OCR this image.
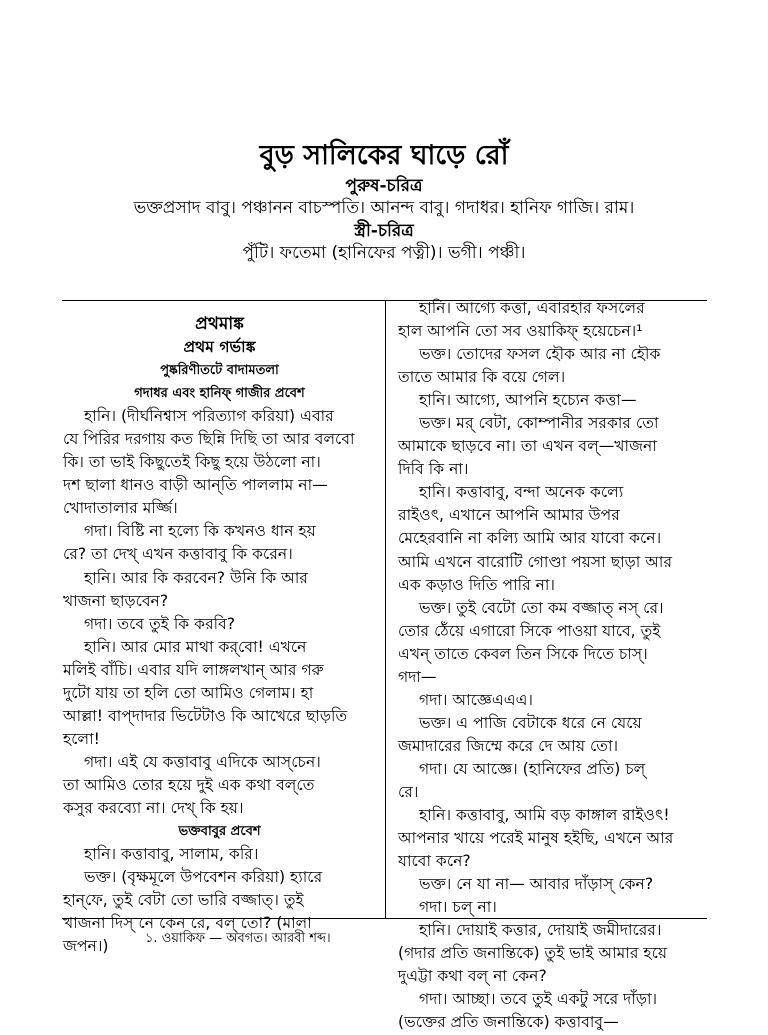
বুড় সালিকের ঘাড়ে রোঁ
পুরুষ-চরিত্র
ভক্তপ্রসাদ বাবু। পঞ্চানন বাচস্পতি। আনন্দ বাবু। গদাধর। হানিফ গাজি। রাম।
স্ত্রী-চরিত্র
পুঁটি। ফতেমা (হানিফের পত্নী)। ভগী। পঞ্চী।
প্রথমাঙ্ক
প্রথম গর্ভাঙ্ক
পুষ্করিণীতটে বাদামতলা
গদাধর এবং হানিফ্‌ গাজীর প্রবেশ
হানি। (দীর্ঘনিশ্বাস পরিত্যাগ করিয়া) এবার
যে পিরির দরগায় কত ছিন্নি দিছি তা আর বলবো
কি। তা ভাই কিছুতেই কিছু হয়ে উঠলো না।
দশ ছালা ধানও বাড়ী আন্‌তি পাললাম না—
খোদাতালার মর্জ্জি।
গদা। বিষ্টি না হল্যে কি কখনও ধান হয়
রে? তা দেখ্‌ এখন কত্তাবাবু কি করেন।
হানি। আর কি করবেন? উনি কি আর
খাজনা ছাড়বেন?
গদা। তবে তুই কি করবি?
হানি। আর মোর মাথা কর্‌বো! এখনে
মলিই বাঁচি। এবার যদি লাঙ্গলখান্‌ আর গরু
দুটো যায় তা হলি তো আমিও গেলাম। হা
আল্লা! বাপ্‌দাদার ভিটেটাও কি আখেরে ছাড়তি
হলো!
গদা। এই যে কত্তাবাবু এদিকে আস্‌চেন।
তা আমিও তোর হয়ে দুই এক কথা বল্‌তে
কসুর করব্যো না। দেখ্‌ কি হয়।
ভক্তবাবুর প্রবেশ
হানি। কত্তাবাবু, সালাম, করি।
ভক্ত। (বৃক্ষমূলে উপবেশন করিয়া) হ্যারে
হান্‌ফে, তুই বেটা তো ভারি বজ্জাত্‌। তুই
খাজনা দিস্‌ নে কেন রে, বল্‌ তো? (মালা
জপন।)
হানি। আগ্যে কত্তা, এবারহার ফসলের
হাল আপনি তো সব ওয়াকিফ্‌ হয়েচেন।¹
ভক্ত। তোদের ফসল হৌক আর না হৌক
তাতে আমার কি বয়ে গেল।
হানি। আগ্যে, আপনি হচ্যেন কত্তা—
ভক্ত। মর্‌ বেটা, কোম্পানীর সরকার তো
আমাকে ছাড়বে না। তা এখন বল্‌—খাজনা
দিবি কি না।
হানি। কত্তাবাবু, বন্দা অনেক কল্যে
রাইওৎ, এখানে আপনি আমার উপর
মেহেরবানি না কল্যি আমি আর যাবো কনে।
আমি এখনে বারোটি গোণ্ডা পয়সা ছাড়া আর
এক কড়াও দিতি পারি না।
ভক্ত। তুই বেটো তো কম বজ্জাত্‌ নস্‌ রে।
তোর ঠেঁয়ে এগারো সিকে পাওয়া যাবে, তুই
এখন্‌ তাতে কেবল তিন সিকে দিতে চাস্‌।
গদা—
গদা। আজ্ঞেএএএ।
ভক্ত। এ পাজি বেটাকে ধরে নে যেয়ে
জমাদারের জিম্মে করে দে আয় তো।
গদা। যে আজ্ঞে। (হানিফের প্রতি) চল্‌
রে।
হানি। কত্তাবাবু, আমি বড় কাঙ্গাল রাইওৎ!
আপনার খায়ে পরেই মানুষ হইছি, এখনে আর
যাবো কনে?
ভক্ত। নে যা না— আবার দাঁড়াস্‌ কেন?
গদা। চল্‌ না।
হানি। দোয়াই কত্তার, দোয়াই জমীদারের।
(গদার প্রতি জনান্তিকে) তুই ভাই আমার হয়ে
দুএট্টা কথা বল্‌ না কেন?
গদা। আচ্ছা। তবে তুই একটু সরে দাঁড়া।
(ভক্তের প্রতি জনান্তিকে) কত্তাবাবু—
১. ওয়াকিফ — অবগত। আরবী শব্দ।
